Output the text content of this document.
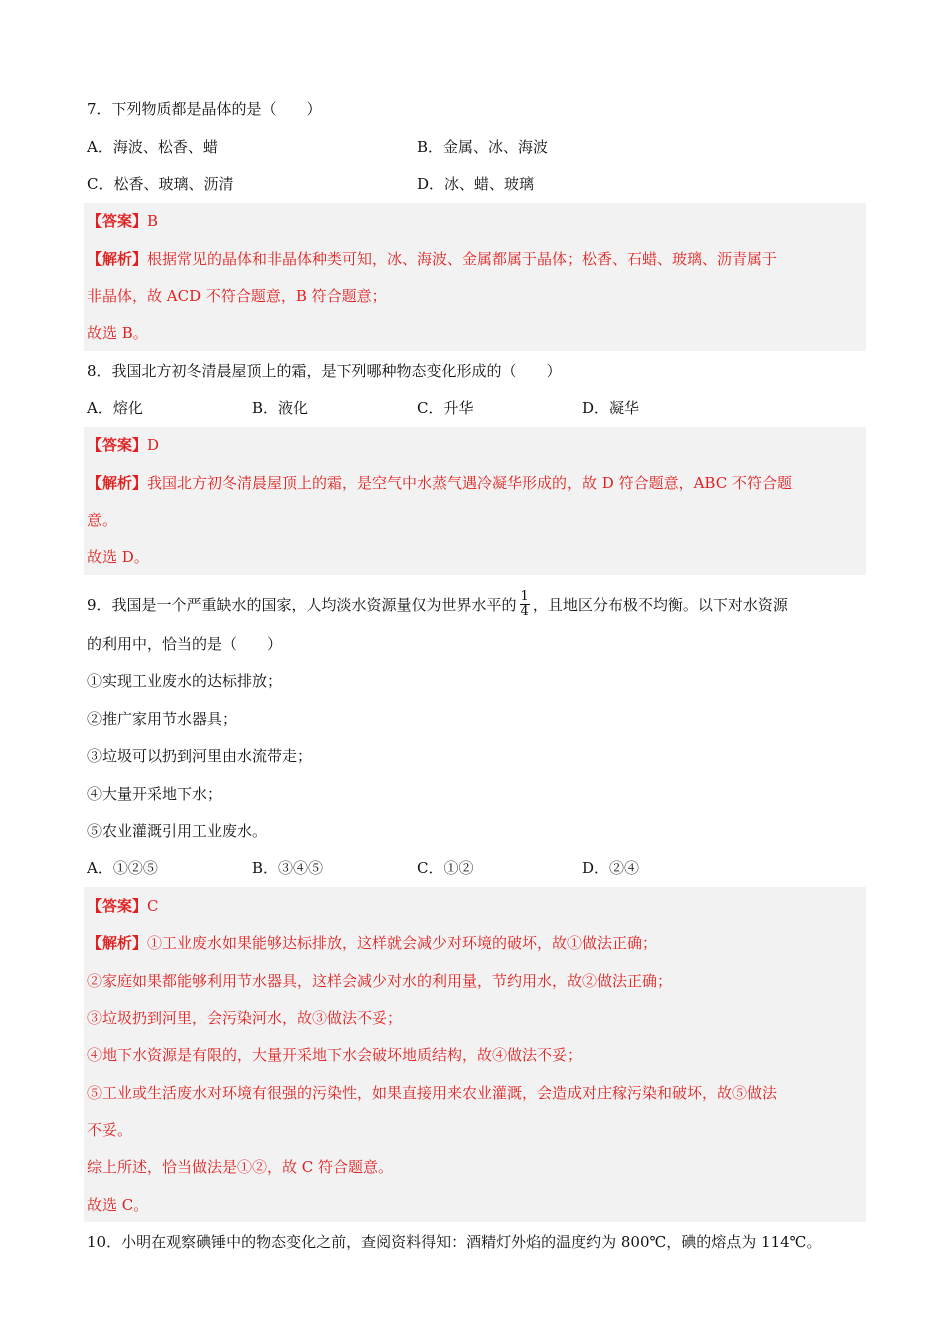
7．下列物质都是晶体的是（　　）
A．海波、松香、蜡	B．金属、冰、海波
C．松香、玻璃、沥清	D．冰、蜡、玻璃
【答案】B
【解析】根据常见的晶体和非晶体种类可知，冰、海波、金属都属于晶体；松香、石蜡、玻璃、沥青属于
非晶体，故 ACD 不符合题意，B 符合题意；
故选 B。
8．我国北方初冬清晨屋顶上的霜，是下列哪种物态变化形成的（　　）
A．熔化	B．液化	C．升华	D．凝华
【答案】D
【解析】我国北方初冬清晨屋顶上的霜，是空气中水蒸气遇冷凝华形成的，故 D 符合题意，ABC 不符合题
意。
故选 D。
9．我国是一个严重缺水的国家，人均淡水资源量仅为世界水平的 $\frac{1}{4}$ ，且地区分布极不均衡。以下对水资源
的利用中，恰当的是（　　）
①实现工业废水的达标排放；
②推广家用节水器具；
③垃圾可以扔到河里由水流带走；
④大量开采地下水；
⑤农业灌溉引用工业废水。
A．①②⑤	B．③④⑤	C．①②	D．②④
【答案】C
【解析】①工业废水如果能够达标排放，这样就会减少对环境的破坏，故①做法正确；
②家庭如果都能够利用节水器具，这样会减少对水的利用量，节约用水，故②做法正确；
③垃圾扔到河里，会污染河水，故③做法不妥；
④地下水资源是有限的，大量开采地下水会破坏地质结构，故④做法不妥；
⑤工业或生活废水对环境有很强的污染性，如果直接用来农业灌溉，会造成对庄稼污染和破坏，故⑤做法
不妥。
综上所述，恰当做法是①②，故 C 符合题意。
故选 C。
10．小明在观察碘锤中的物态变化之前，查阅资料得知：酒精灯外焰的温度约为 800℃，碘的熔点为 114℃。
